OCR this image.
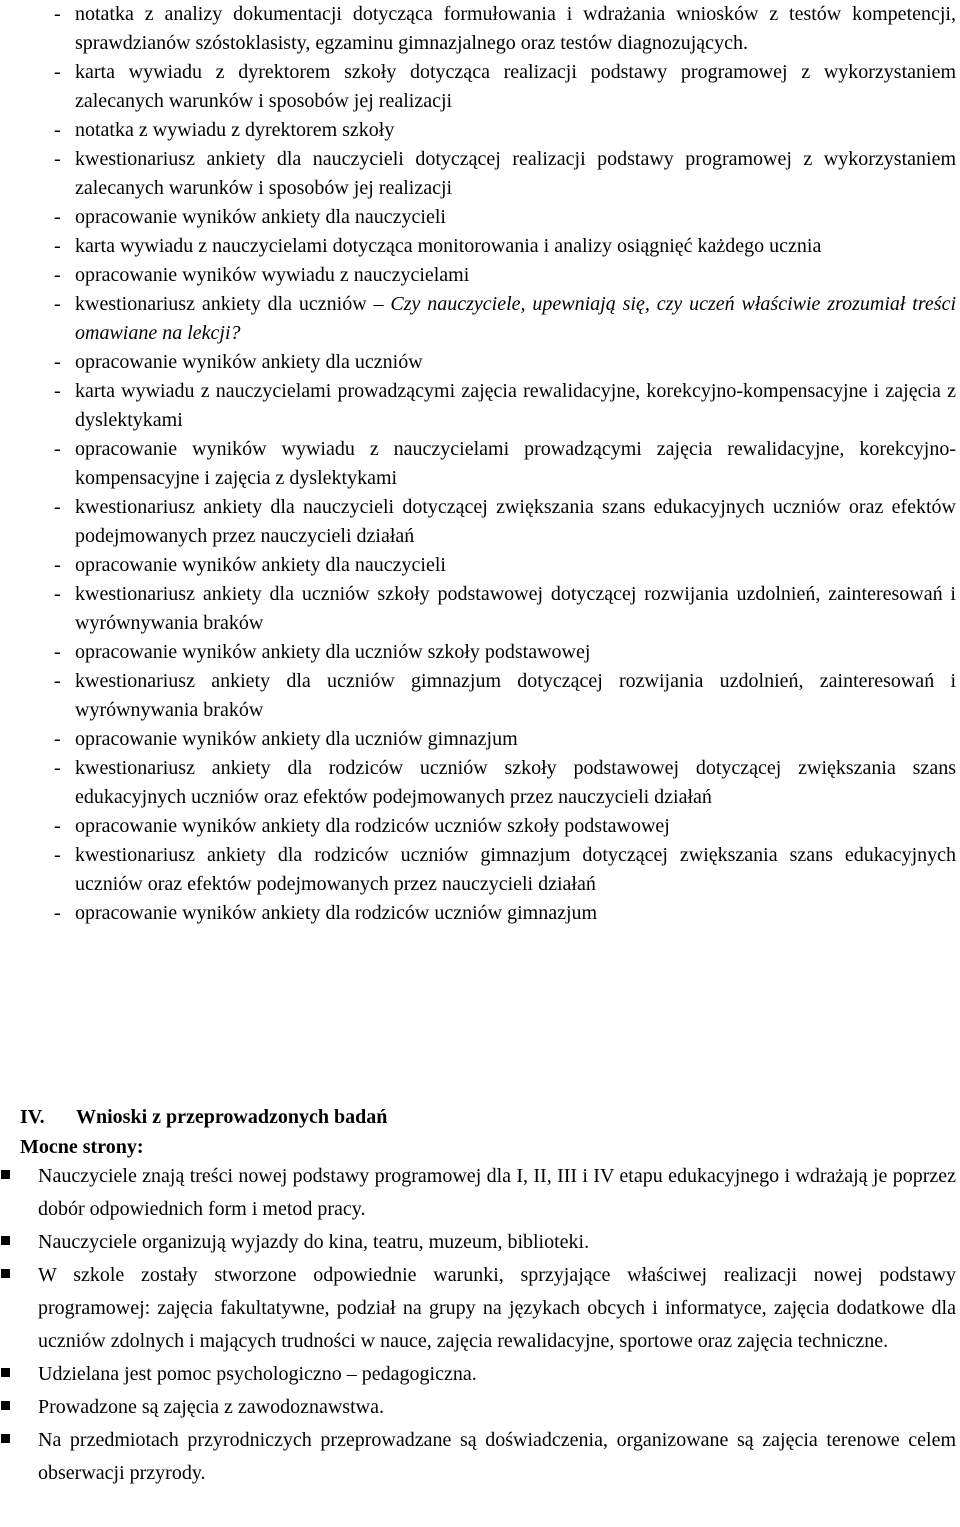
- notatka z analizy dokumentacji dotycząca formułowania i wdrażania wniosków z testów kompetencji, sprawdzianów szóstoklasisty, egzaminu gimnazjalnego oraz testów diagnozujących.
- karta wywiadu z dyrektorem szkoły dotycząca realizacji podstawy programowej z wykorzystaniem zalecanych warunków i sposobów jej realizacji
- notatka z wywiadu z dyrektorem szkoły
- kwestionariusz ankiety dla nauczycieli dotyczącej realizacji podstawy programowej z wykorzystaniem zalecanych warunków i sposobów jej realizacji
- opracowanie wyników ankiety dla nauczycieli
- karta wywiadu z nauczycielami dotycząca monitorowania i analizy osiągnięć każdego ucznia
- opracowanie wyników wywiadu z nauczycielami
- kwestionariusz ankiety dla uczniów – Czy nauczyciele, upewniają się, czy uczeń właściwie zrozumiał treści omawiane na lekcji?
- opracowanie wyników ankiety dla uczniów
- karta wywiadu z nauczycielami prowadzącymi zajęcia rewalidacyjne, korekcyjno-kompensacyjne i zajęcia z dyslektykami
- opracowanie wyników wywiadu z nauczycielami prowadzącymi zajęcia rewalidacyjne, korekcyjno- kompensacyjne i zajęcia z dyslektykami
- kwestionariusz ankiety dla nauczycieli dotyczącej zwiększania szans edukacyjnych uczniów oraz efektów podejmowanych przez nauczycieli działań
- opracowanie wyników ankiety dla nauczycieli
- kwestionariusz ankiety dla uczniów szkoły podstawowej dotyczącej rozwijania uzdolnień, zainteresowań i wyrównywania braków
- opracowanie wyników ankiety dla uczniów szkoły podstawowej
- kwestionariusz ankiety dla uczniów gimnazjum dotyczącej rozwijania uzdolnień, zainteresowań i wyrównywania braków
- opracowanie wyników ankiety dla uczniów gimnazjum
- kwestionariusz ankiety dla rodziców uczniów szkoły podstawowej dotyczącej zwiększania szans edukacyjnych uczniów oraz efektów podejmowanych przez nauczycieli działań
- opracowanie wyników ankiety dla rodziców uczniów szkoły podstawowej
- kwestionariusz ankiety dla rodziców uczniów gimnazjum dotyczącej zwiększania szans edukacyjnych uczniów oraz efektów podejmowanych przez nauczycieli działań
- opracowanie wyników ankiety dla rodziców uczniów gimnazjum
IV. Wnioski z przeprowadzonych badań
Mocne strony:
Nauczyciele znają treści nowej podstawy programowej dla I, II, III i IV etapu edukacyjnego i wdrażają je poprzez dobór odpowiednich form i metod pracy.
Nauczyciele organizują wyjazdy do kina, teatru, muzeum, biblioteki.
W szkole zostały stworzone odpowiednie warunki, sprzyjające właściwej realizacji nowej podstawy programowej: zajęcia fakultatywne, podział na grupy na językach obcych i informatyce, zajęcia dodatkowe dla uczniów zdolnych i mających trudności w nauce, zajęcia rewalidacyjne, sportowe oraz zajęcia techniczne.
Udzielana jest pomoc psychologiczno – pedagogiczna.
Prowadzone są zajęcia z zawodoznawstwa.
Na przedmiotach przyrodniczych przeprowadzane są doświadczenia, organizowane są zajęcia terenowe celem obserwacji przyrody.
